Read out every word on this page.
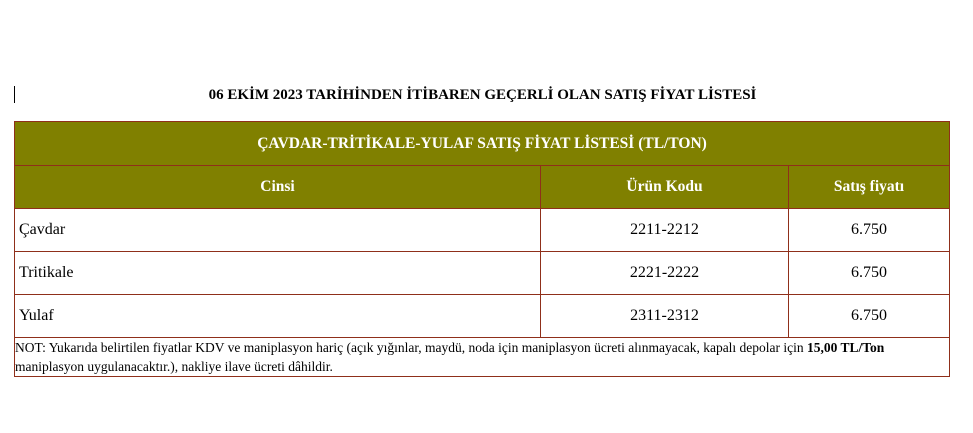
06 EKİM 2023 TARİHİNDEN İTİBAREN GEÇERLİ OLAN SATIŞ FİYAT LİSTESİ
ÇAVDAR-TRİTİKALE-YULAF SATIŞ FİYAT LİSTESİ (TL/TON)		
Cinsi	Ürün Kodu	Satış fiyatı
Çavdar	2211-2212	6.750
Tritikale	2221-2222	6.750
Yulaf	2311-2312	6.750
NOT: Yukarıda belirtilen fiyatlar KDV ve maniplasyon hariç (açık yığınlar, maydü, noda için maniplasyon ücreti alınmayacak, kapalı depolar için 15,00 TL/Ton maniplasyon uygulanacaktır.), nakliye ilave ücreti dâhildir.		
